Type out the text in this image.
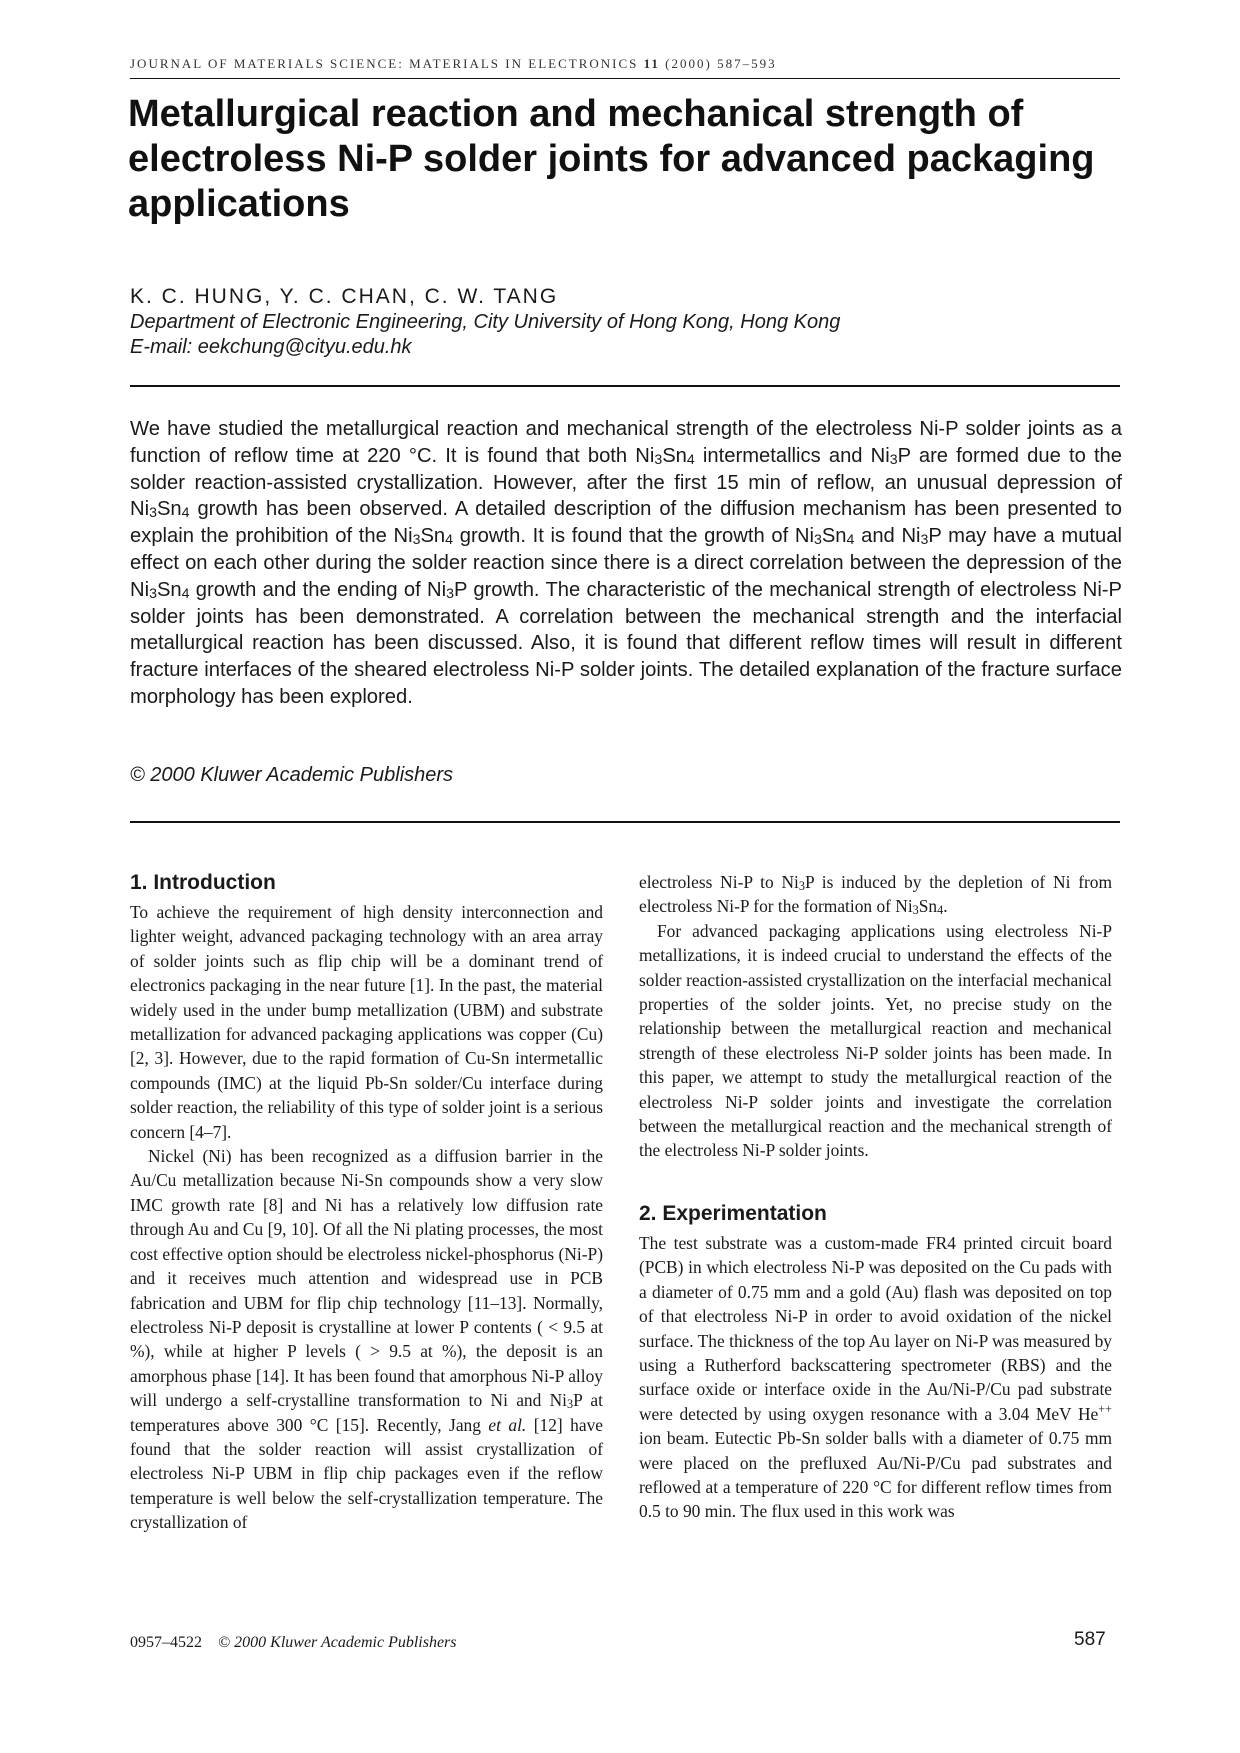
JOURNAL OF MATERIALS SCIENCE: MATERIALS IN ELECTRONICS 11 (2000) 587–593
Metallurgical reaction and mechanical strength of electroless Ni-P solder joints for advanced packaging applications
K. C. HUNG, Y. C. CHAN, C. W. TANG
Department of Electronic Engineering, City University of Hong Kong, Hong Kong
E-mail: eekchung@cityu.edu.hk

We have studied the metallurgical reaction and mechanical strength of the electroless Ni-P solder joints as a function of reflow time at 220 °C. It is found that both $Ni_3Sn_4$ intermetallics and $Ni_3P$ are formed due to the solder reaction-assisted crystallization. However, after the first 15 min of reflow, an unusual depression of $Ni_3Sn_4$ growth has been observed. A detailed description of the diffusion mechanism has been presented to explain the prohibition of the $Ni_3Sn_4$ growth. It is found that the growth of $Ni_3Sn_4$ and $Ni_3P$ may have a mutual effect on each other during the solder reaction since there is a direct correlation between the depression of the $Ni_3Sn_4$ growth and the ending of $Ni_3P$ growth. The characteristic of the mechanical strength of electroless Ni-P solder joints has been demonstrated. A correlation between the mechanical strength and the interfacial metallurgical reaction has been discussed. Also, it is found that different reflow times will result in different fracture interfaces of the sheared electroless Ni-P solder joints. The detailed explanation of the fracture surface morphology has been explored.

© 2000 Kluwer Academic Publishers
1. Introduction

To achieve the requirement of high density interconnection and lighter weight, advanced packaging technology with an area array of solder joints such as flip chip will be a dominant trend of electronics packaging in the near future [1]. In the past, the material widely used in the under bump metallization (UBM) and substrate metallization for advanced packaging applications was copper (Cu) [2, 3]. However, due to the rapid formation of Cu-Sn intermetallic compounds (IMC) at the liquid Pb-Sn solder/Cu interface during solder reaction, the reliability of this type of solder joint is a serious concern [4–7].

Nickel (Ni) has been recognized as a diffusion barrier in the Au/Cu metallization because Ni-Sn compounds show a very slow IMC growth rate [8] and Ni has a relatively low diffusion rate through Au and Cu [9, 10]. Of all the Ni plating processes, the most cost effective option should be electroless nickel-phosphorus (Ni-P) and it receives much attention and widespread use in PCB fabrication and UBM for flip chip technology [11–13]. Normally, electroless Ni-P deposit is crystalline at lower P contents ( < 9.5 at %), while at higher P levels ( > 9.5 at %), the deposit is an amorphous phase [14]. It has been found that amorphous Ni-P alloy will undergo a self-crystalline transformation to Ni and $Ni_3P$ at temperatures above 300 °C [15]. Recently, Jang et al. [12] have found that the solder reaction will assist crystallization of electroless Ni-P UBM in flip chip packages even if the reflow temperature is well below the self-crystallization temperature. The crystallization of

electroless Ni-P to $Ni_3P$ is induced by the depletion of Ni from electroless Ni-P for the formation of $Ni_3Sn_4$.

For advanced packaging applications using electroless Ni-P metallizations, it is indeed crucial to understand the effects of the solder reaction-assisted crystallization on the interfacial mechanical properties of the solder joints. Yet, no precise study on the relationship between the metallurgical reaction and mechanical strength of these electroless Ni-P solder joints has been made. In this paper, we attempt to study the metallurgical reaction of the electroless Ni-P solder joints and investigate the correlation between the metallurgical reaction and the mechanical strength of the electroless Ni-P solder joints.

2. Experimentation

The test substrate was a custom-made FR4 printed circuit board (PCB) in which electroless Ni-P was deposited on the Cu pads with a diameter of 0.75 mm and a gold (Au) flash was deposited on top of that electroless Ni-P in order to avoid oxidation of the nickel surface. The thickness of the top Au layer on Ni-P was measured by using a Rutherford backscattering spectrometer (RBS) and the surface oxide or interface oxide in the Au/Ni-P/Cu pad substrate were detected by using oxygen resonance with a 3.04 MeV He++ ion beam. Eutectic Pb-Sn solder balls with a diameter of 0.75 mm were placed on the prefluxed Au/Ni-P/Cu pad substrates and reflowed at a temperature of 220 °C for different reflow times from 0.5 to 90 min. The flux used in this work was

0957–4522 © 2000 Kluwer Academic Publishers	587
